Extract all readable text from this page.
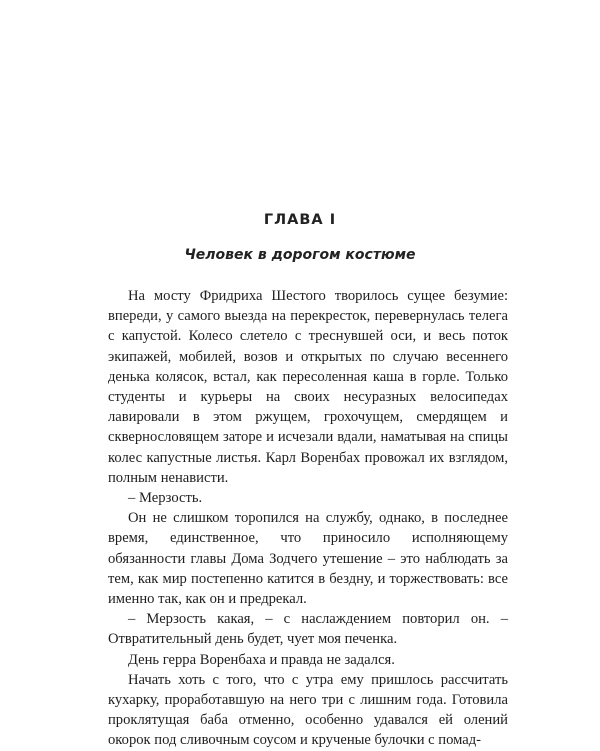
ГЛАВА I
Человек в дорогом костюме

На мосту Фридриха Шестого творилось сущее безумие: впереди, у самого выезда на перекресток, перевернулась телега с капустой. Колесо слетело с треснувшей оси, и весь поток экипажей, мобилей, возов и открытых по случаю весеннего денька колясок, встал, как пересоленная каша в горле. Только студенты и курьеры на своих несуразных велосипедах лавировали в этом ржущем, грохочущем, смердящем и сквернословящем заторе и исчезали вдали, наматывая на спицы колес капустные листья. Карл Воренбах провожал их взглядом, полным ненависти.

– Мерзость.

Он не слишком торопился на службу, однако, в последнее время, единственное, что приносило исполняющему обязанности главы Дома Зодчего утешение – это наблюдать за тем, как мир постепенно катится в бездну, и торжествовать: все именно так, как он и предрекал.

– Мерзость какая, – с наслаждением повторил он. – Отвратительный день будет, чует моя печенка.

День герра Воренбаха и правда не задался.

Начать хоть с того, что с утра ему пришлось рассчитать кухарку, проработавшую на него три с лишним года. Готовила проклятущая баба отменно, особенно удавался ей олений окорок под сливочным соусом и крученые булочки с помад-
